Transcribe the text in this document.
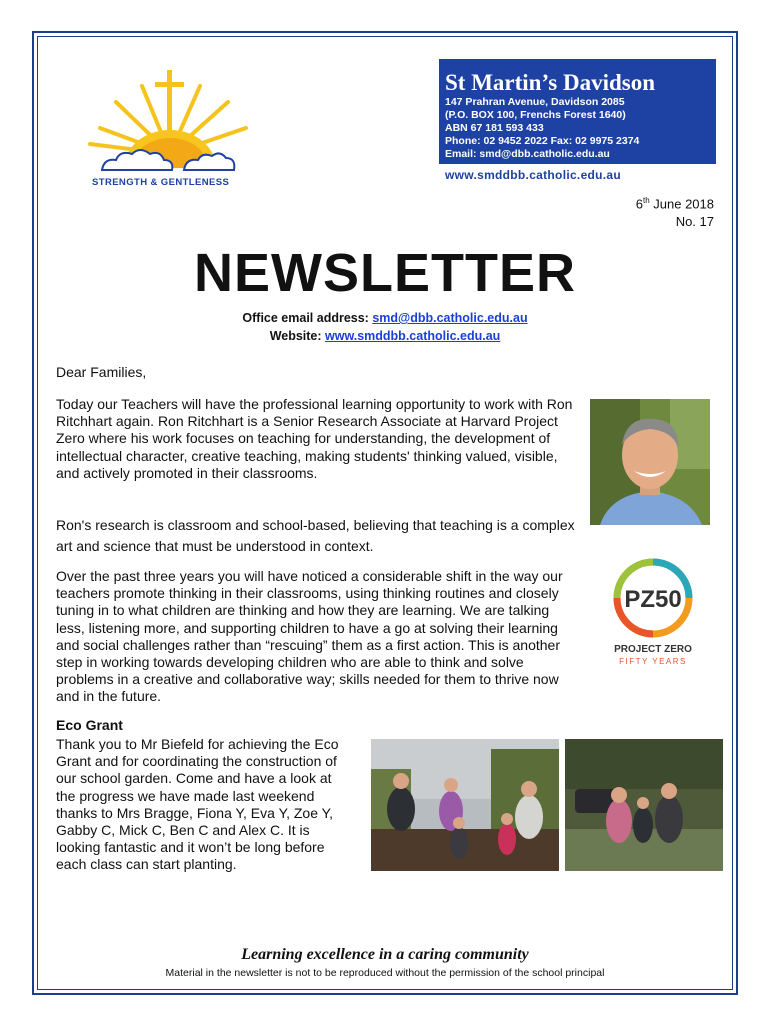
STRENGTH & GENTLENESS
St Martin’s Davidson
147 Prahran Avenue, Davidson 2085
(P.O. BOX 100, Frenchs Forest 1640)
ABN 67 181 593 433
Phone: 02 9452 2022 Fax: 02 9975 2374
Email: smd@dbb.catholic.edu.au
www.smddbb.catholic.edu.au
6th June 2018
No. 17
NEWSLETTER
Office email address: smd@dbb.catholic.edu.au
Website: www.smddbb.catholic.edu.au
Dear Families,
Today our Teachers will have the professional learning opportunity to work with Ron Ritchhart again. Ron Ritchhart is a Senior Research Associate at Harvard Project Zero where his work focuses on teaching for understanding, the development of intellectual character, creative teaching, making students' thinking valued, visible, and actively promoted in their classrooms.
Ron's research is classroom and school-based, believing that teaching is a complex art and science that must be understood in context.
Over the past three years you will have noticed a considerable shift in the way our teachers promote thinking in their classrooms, using thinking routines and closely tuning in to what children are thinking and how they are learning. We are talking less, listening more, and supporting children to have a go at solving their learning and social challenges rather than “rescuing” them as a first action. This is another step in working towards developing children who are able to think and solve problems in a creative and collaborative way; skills needed for them to thrive now and in the future.
PZ50
PROJECT ZERO
FIFTY YEARS
Eco Grant
Thank you to Mr Biefeld for achieving the Eco Grant and for coordinating the construction of our school garden. Come and have a look at the progress we have made last weekend thanks to Mrs Bragge, Fiona Y, Eva Y, Zoe Y, Gabby C, Mick C, Ben C and Alex C. It is looking fantastic and it won’t be long before each class can start planting.
Learning excellence in a caring community
Material in the newsletter is not to be reproduced without the permission of the school principal
